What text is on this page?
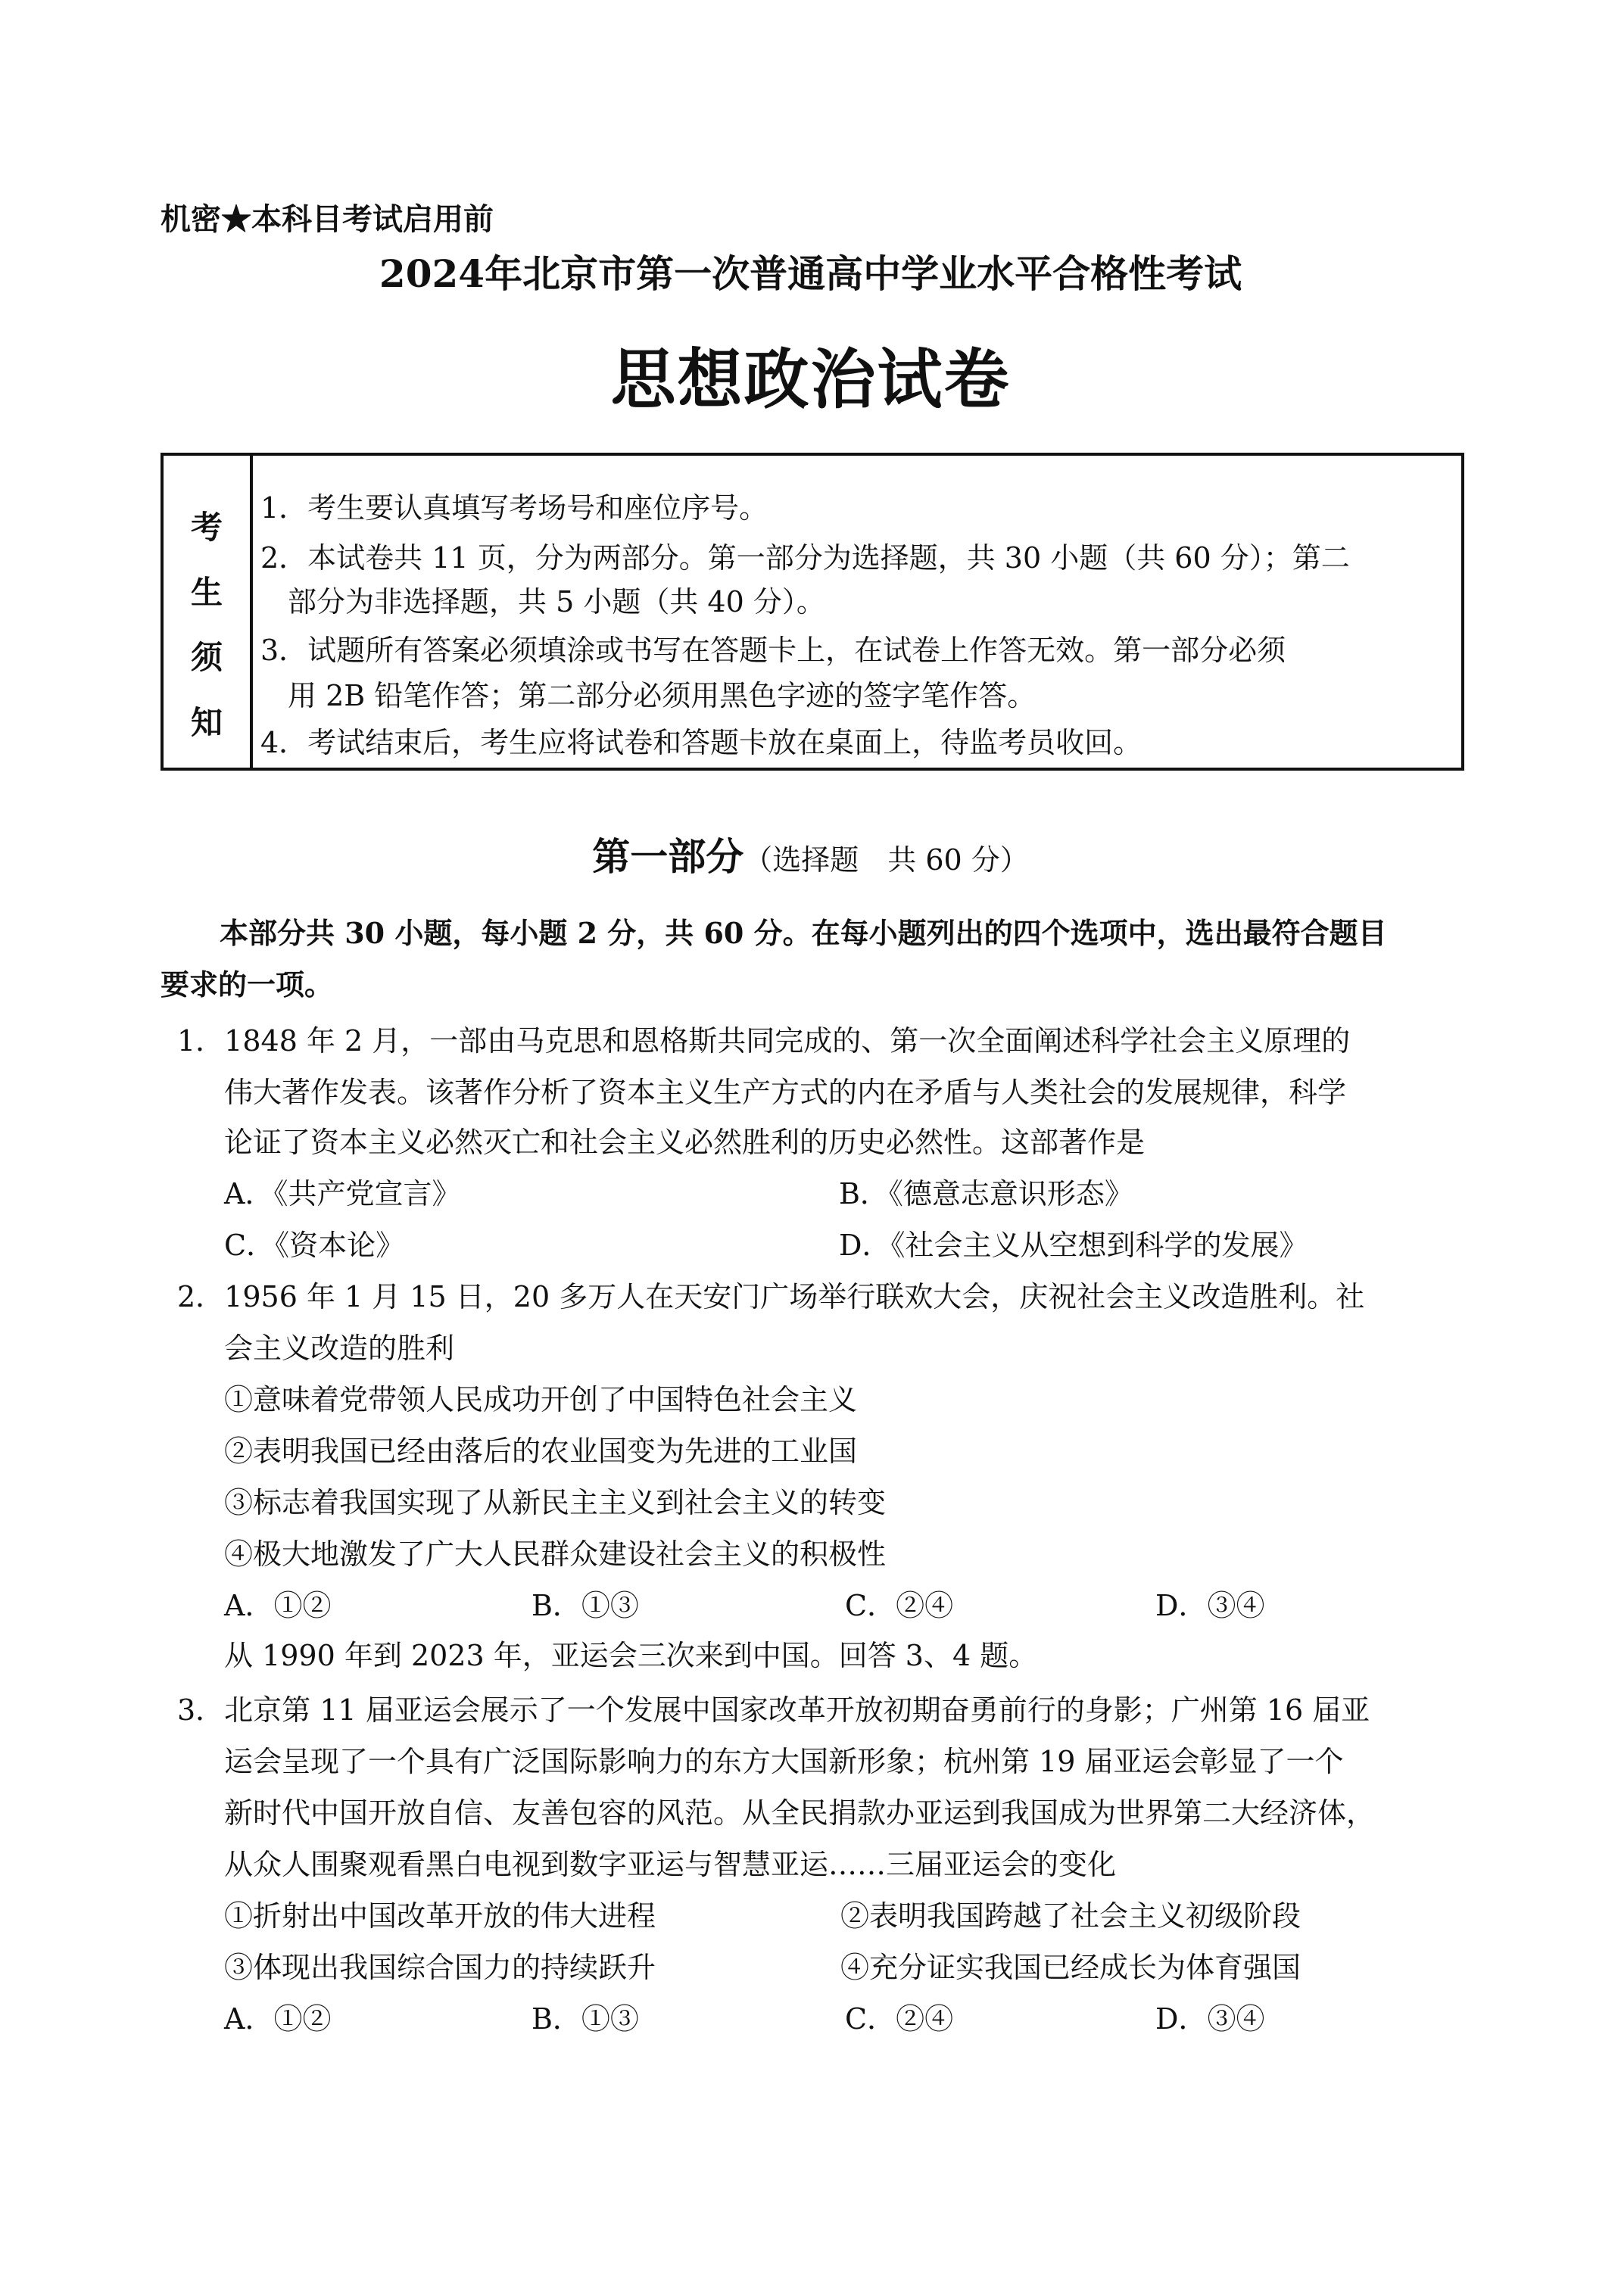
机密★本科目考试启用前
2024年北京市第一次普通高中学业水平合格性考试
思想政治试卷
考
生
须
知
1．考生要认真填写考场号和座位序号。
2．本试卷共 11 页，分为两部分。第一部分为选择题，共 30 小题（共 60 分）；第二
部分为非选择题，共 5 小题（共 40 分）。
3．试题所有答案必须填涂或书写在答题卡上，在试卷上作答无效。第一部分必须
用 2B 铅笔作答；第二部分必须用黑色字迹的签字笔作答。
4．考试结束后，考生应将试卷和答题卡放在桌面上，待监考员收回。
第一部分（选择题　共 60 分）
本部分共 30 小题，每小题 2 分，共 60 分。在每小题列出的四个选项中，选出最符合题目
要求的一项。
1．1848 年 2 月，一部由马克思和恩格斯共同完成的、第一次全面阐述科学社会主义原理的
伟大著作发表。该著作分析了资本主义生产方式的内在矛盾与人类社会的发展规律，科学
论证了资本主义必然灭亡和社会主义必然胜利的历史必然性。这部著作是
A．《共产党宣言》	B．《德意志意识形态》
C．《资本论》	D．《社会主义从空想到科学的发展》
2．1956 年 1 月 15 日，20 多万人在天安门广场举行联欢大会，庆祝社会主义改造胜利。社
会主义改造的胜利
①意味着党带领人民成功开创了中国特色社会主义
②表明我国已经由落后的农业国变为先进的工业国
③标志着我国实现了从新民主主义到社会主义的转变
④极大地激发了广大人民群众建设社会主义的积极性
A．①②	B．①③	C．②④	D．③④
从 1990 年到 2023 年，亚运会三次来到中国。回答 3、4 题。
3．北京第 11 届亚运会展示了一个发展中国家改革开放初期奋勇前行的身影；广州第 16 届亚
运会呈现了一个具有广泛国际影响力的东方大国新形象；杭州第 19 届亚运会彰显了一个
新时代中国开放自信、友善包容的风范。从全民捐款办亚运到我国成为世界第二大经济体，
从众人围聚观看黑白电视到数字亚运与智慧亚运……三届亚运会的变化
①折射出中国改革开放的伟大进程	②表明我国跨越了社会主义初级阶段
③体现出我国综合国力的持续跃升	④充分证实我国已经成长为体育强国
A．①②	B．①③	C．②④	D．③④
